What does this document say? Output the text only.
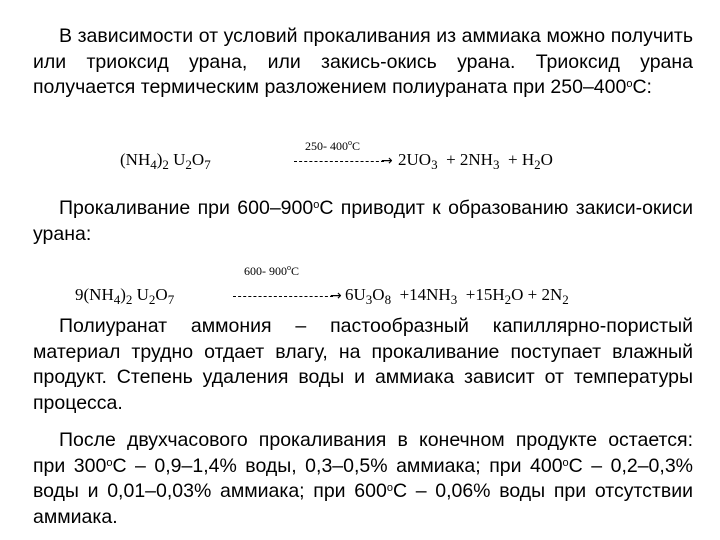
В зависимости от условий прокаливания из аммиака можно получить или триоксид урана, или закись-окись урана. Триоксид урана получается термическим разложением полиураната при $250-400^оС$:

$(NH_4)_2$ $U_2O_7$
250- $400^oC$
→ $2UO_3 + 2NH_3 + H_2O$

Прокаливание при $600-900^оС$ приводит к образованию закиси-окиси урана:

$9(NH_4)_2$ $U_2O_7$
600- $900^oC$
→ $6U_3O_8 +14NH_3 +15H_2O + 2N_2$

Полиуранат аммония – пастообразный капиллярно-пористый материал трудно отдает влагу, на прокаливание поступает влажный продукт. Степень удаления воды и аммиака зависит от температуры процесса.

После двухчасового прокаливания в конечном продукте остается: при $300^оС - 0,9-1,4\%$ воды, 0,3–0,5% аммиака; при $400^оС - 0,2-0,3\%$ воды и 0,01–0,03% аммиака; при $600^оС - 0,06\%$ воды при отсутствии аммиака.
